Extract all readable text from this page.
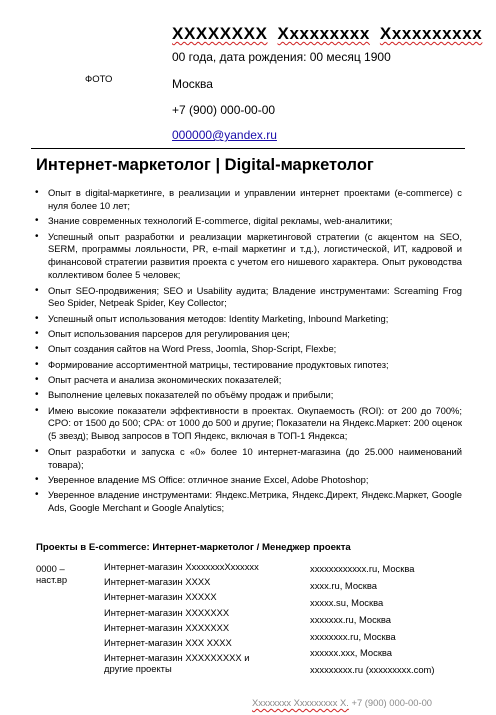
XXXXXXXX Xxxxxxxxx Xxxxxxxxxx
00 года, дата рождения: 00 месяц 1900
ФОТО	Москва
+7 (900) 000-00-00
000000@yandex.ru
Интернет-маркетолог | Digital-маркетолог
• Опыт в digital-маркетинге, в реализации и управлении интернет проектами (e-commerce) с нуля более 10 лет;
• Знание современных технологий E-commerce, digital рекламы, web-аналитики;
• Успешный опыт разработки и реализации маркетинговой стратегии (с акцентом на SEO, SERM, программы лояльности, PR, e-mail маркетинг и т.д.), логистической, ИТ, кадровой и финансовой стратегии развития проекта с учетом его нишевого характера. Опыт руководства коллективом более 5 человек;
• Опыт SEO-продвижения; SEO и Usability аудита; Владение инструментами: Screaming Frog Seo Spider, Netpeak Spider, Key Collector;
• Успешный опыт использования методов: Identity Marketing, Inbound Marketing;
• Опыт использования парсеров для регулирования цен;
• Опыт создания сайтов на Word Press, Joomla, Shop-Script, Flexbe;
• Формирование ассортиментной матрицы, тестирование продуктовых гипотез;
• Опыт расчета и анализа экономических показателей;
• Выполнение целевых показателей по объёму продаж и прибыли;
• Имею высокие показатели эффективности в проектах. Окупаемость (ROI): от 200 до 700%; CPO: от 1500 до 500; CPA: от 1000 до 500 и другие; Показатели на Яндекс.Маркет: 200 оценок (5 звезд); Вывод запросов в ТОП Яндекс, включая в ТОП-1 Яндекса;
• Опыт разработки и запуска с «0» более 10 интернет-магазина (до 25.000 наименований товара);
• Уверенное владение MS Office: отличное знание Excel, Adobe Photoshop;
• Уверенное владение инструментами: Яндекс.Метрика, Яндекс.Директ, Яндекс.Маркет, Google Ads, Google Merchant и Google Analytics;
Проекты в E-commerce: Интернет-маркетолог / Менеджер проекта
0000 – наст.вр
Интернет-магазин ХхххххххХхххххх
Интернет-магазин ХХХХ
Интернет-магазин ХХХХХ
Интернет-магазин ХХХХХХХ
Интернет-магазин ХХХХХХХ
Интернет-магазин ХХХ ХХХХ
Интернет-магазин ХХХХХХХХХ и другие проекты
xxxxxxxxxxxx.ru, Москва
xxxx.ru, Москва
xxxxx.su, Москва
xxxxxxx.ru, Москва
xxxxxxxx.ru, Москва
xxxxxx.xxx, Москва
xxxxxxxxx.ru (xxxxxxxxx.com)
Хххххххх Ххххххххх Х. +7 (900) 000-00-00
